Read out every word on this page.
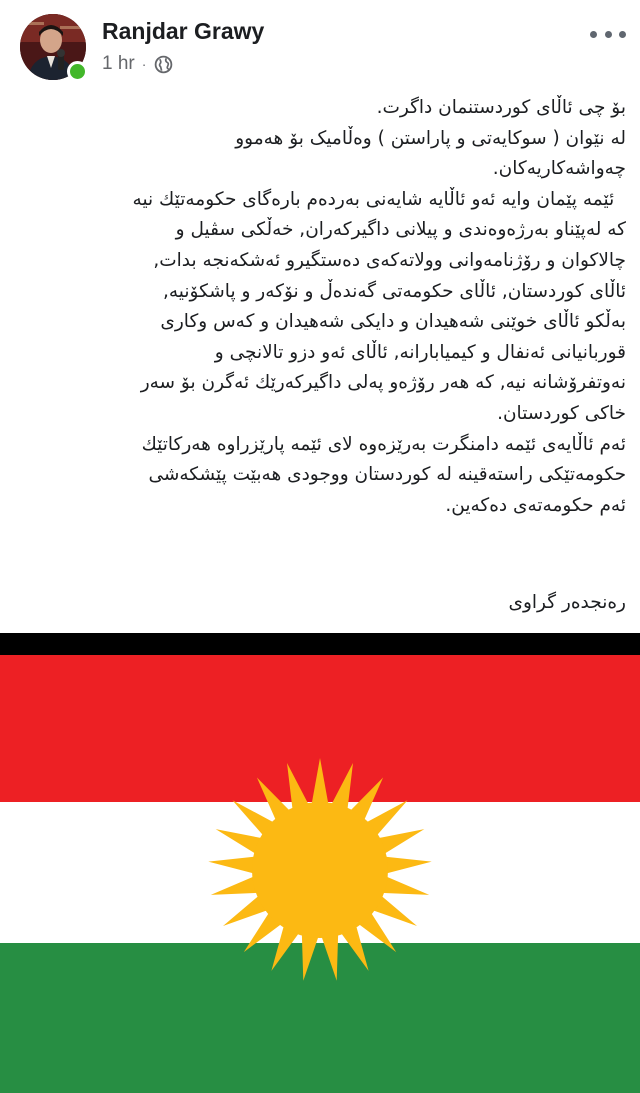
Ranjdar Grawy
1 hr ·
بۆ چی ئاڵای کوردستنمان داگرت.
لە نێوان ( سوکایەتی و پاراستن ) وەڵامیک بۆ هەموو
چەواشەکاریەکان.
ئێمە پێمان وایە ئەو ئاڵایە شایەنی بەردەم بارەگای حکومەتێك نیە
کە لەپێناو بەرژەوەندی و پیلانی داگیرکەران, خەڵکی سڤیل و
چالاکوان و رۆژنامەوانی وولاتەکەی دەستگیرو ئەشکەنجە بدات,
ئاڵای کوردستان, ئاڵای حکومەتی گەندەڵ و نۆکەر و پاشکۆنیە,
بەڵکو ئاڵای خوێنی شەهیدان و دایکی شەهیدان و کەس وکاری
قوربانیانی ئەنفال و کیمیابارانە, ئاڵای ئەو دزو تالانچی و
نەوتفرۆشانە نیە, کە هەر رۆژەو پەلی داگیرکەرێك ئەگرن بۆ سەر
خاکی کوردستان.
ئەم ئاڵایەی ئێمە دامنگرت بەرێزەوە لای ئێمە پارێزراوە هەرکاتێك
حکومەتێکی راستەقینە لە کوردستان ووجودی هەبێت پێشکەشی
ئەم حکومەتەی دەکەین.

رەنجدەر گراوی
